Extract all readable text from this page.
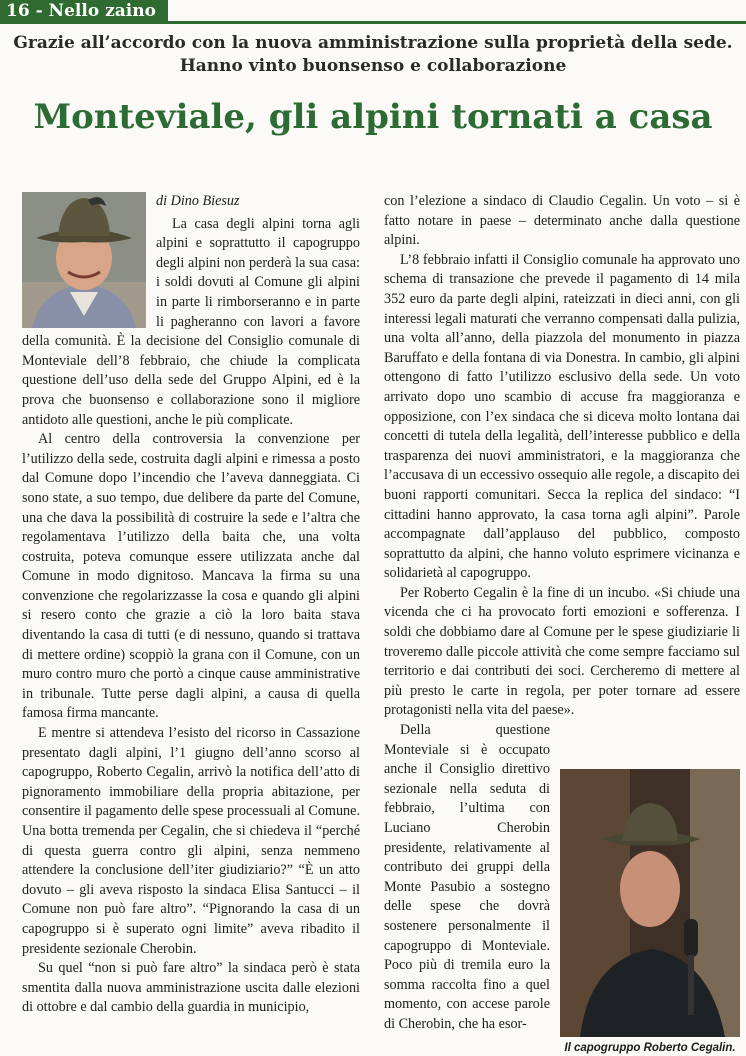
16 - Nello zaino
Grazie all’accordo con la nuova amministrazione sulla proprietà della sede. Hanno vinto buonsenso e collaborazione
Monteviale, gli alpini tornati a casa

di Dino Biesuz

La casa degli alpini torna agli alpini e soprattutto il capogruppo degli alpini non perderà la sua casa: i soldi dovuti al Comune gli alpini in parte li rimborseranno e in parte li pagheranno con lavori a favore della comunità. È la decisione del Consiglio comunale di Monteviale dell’8 febbraio, che chiude la complicata questione dell’uso della sede del Gruppo Alpini, ed è la prova che buonsenso e collaborazione sono il migliore antidoto alle questioni, anche le più complicate.

Al centro della controversia la convenzione per l’utilizzo della sede, costruita dagli alpini e rimessa a posto dal Comune dopo l’incendio che l’aveva danneggiata. Ci sono state, a suo tempo, due delibere da parte del Comune, una che dava la possibilità di costruire la sede e l’altra che regolamentava l’utilizzo della baita che, una volta costruita, poteva comunque essere utilizzata anche dal Comune in modo dignitoso. Mancava la firma su una convenzione che regolarizzasse la cosa e quando gli alpini si resero conto che grazie a ciò la loro baita stava diventando la casa di tutti (e di nessuno, quando si trattava di mettere ordine) scoppiò la grana con il Comune, con un muro contro muro che portò a cinque cause amministrative in tribunale. Tutte perse dagli alpini, a causa di quella famosa firma mancante.

E mentre si attendeva l’esisto del ricorso in Cassazione presentato dagli alpini, l’1 giugno dell’anno scorso al capogruppo, Roberto Cegalin, arrivò la notifica dell’atto di pignoramento immobiliare della propria abitazione, per consentire il pagamento delle spese processuali al Comune. Una botta tremenda per Cegalin, che si chiedeva il “perché di questa guerra contro gli alpini, senza nemmeno attendere la conclusione dell’iter giudiziario?” “È un atto dovuto – gli aveva risposto la sindaca Elisa Santucci – il Comune non può fare altro”. “Pignorando la casa di un capogruppo si è superato ogni limite” aveva ribadito il presidente sezionale Cherobin.

Su quel “non si può fare altro” la sindaca però è stata smentita dalla nuova amministrazione uscita dalle elezioni di ottobre e dal cambio della guardia in municipio,

con l’elezione a sindaco di Claudio Cegalin. Un voto – si è fatto notare in paese – determinato anche dalla questione alpini.

L’8 febbraio infatti il Consiglio comunale ha approvato uno schema di transazione che prevede il pagamento di 14 mila 352 euro da parte degli alpini, rateizzati in dieci anni, con gli interessi legali maturati che verranno compensati dalla pulizia, una volta all’anno, della piazzola del monumento in piazza Baruffato e della fontana di via Donestra. In cambio, gli alpini ottengono di fatto l’utilizzo esclusivo della sede. Un voto arrivato dopo uno scambio di accuse fra maggioranza e opposizione, con l’ex sindaca che si diceva molto lontana dai concetti di tutela della legalità, dell’interesse pubblico e della trasparenza dei nuovi amministratori, e la maggioranza che l’accusava di un eccessivo ossequio alle regole, a discapito dei buoni rapporti comunitari. Secca la replica del sindaco: “I cittadini hanno approvato, la casa torna agli alpini”. Parole accompagnate dall’applauso del pubblico, composto soprattutto da alpini, che hanno voluto esprimere vicinanza e solidarietà al capogruppo.

Per Roberto Cegalin è la fine di un incubo. «Si chiude una vicenda che ci ha provocato forti emozioni e sofferenza. I soldi che dobbiamo dare al Comune per le spese giudiziarie li troveremo dalle piccole attività che come sempre facciamo sul territorio e dai contributi dei soci. Cercheremo di mettere al più presto le carte in regola, per poter tornare ad essere protagonisti nella vita del paese».

Il capogruppo Roberto Cegalin.

Della questione Monteviale si è occupato anche il Consiglio direttivo sezionale nella seduta di febbraio, l’ultima con Luciano Cherobin presidente, relativamente al contributo dei gruppi della Monte Pasubio a sostegno delle spese che dovrà sostenere personalmente il capogruppo di Monteviale. Poco più di tremila euro la somma raccolta fino a quel momento, con accese parole di Cherobin, che ha esor-
